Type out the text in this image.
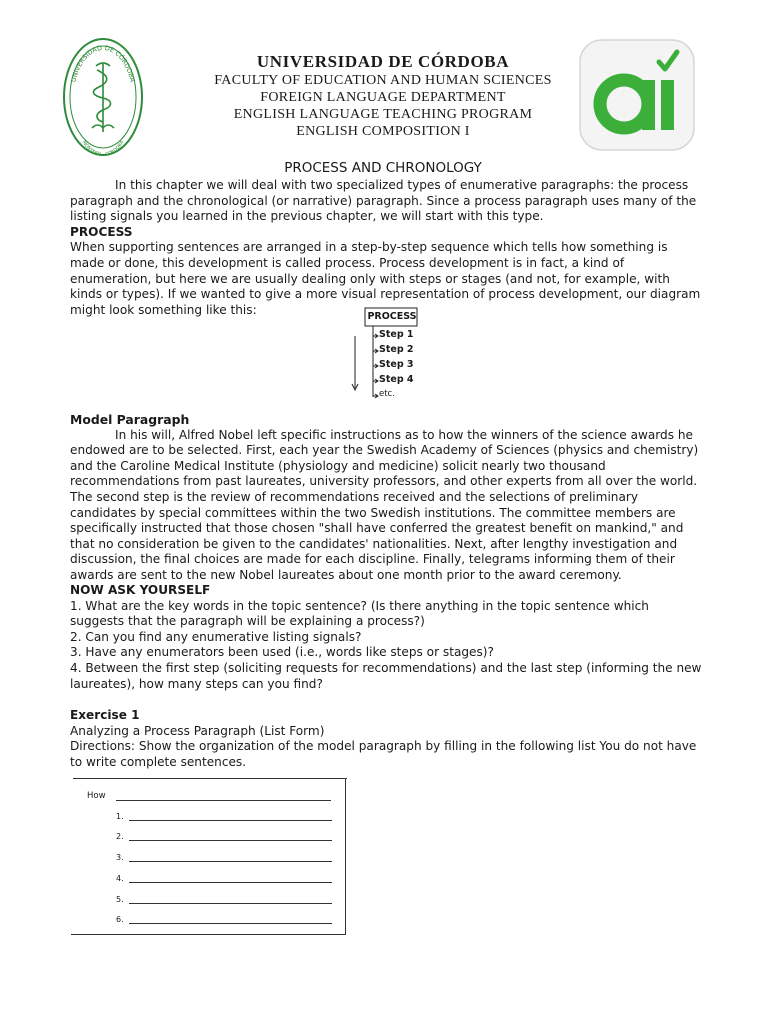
UNIVERSIDAD DE CÓRDOBA
MONTERÍA · CÓRDOBA
UNIVERSIDAD DE CÓRDOBA
FACULTY OF EDUCATION AND HUMAN SCIENCES
FOREIGN LANGUAGE DEPARTMENT
ENGLISH LANGUAGE TEACHING PROGRAM
ENGLISH COMPOSITION I
PROCESS AND CHRONOLOGY

In this chapter we will deal with two specialized types of enumerative paragraphs: the process paragraph and the chronological (or narrative) paragraph. Since a process paragraph uses many of the listing signals you learned in the previous chapter, we will start with this type.

PROCESS

When supporting sentences are arranged in a step-by-step sequence which tells how something is made or done, this development is called process. Process development is in fact, a kind of enumeration, but here we are usually dealing only with steps or stages (and not, for example, with kinds or types). If we wanted to give a more visual representation of process development, our diagram might look something like this:	PROCESS
Step 1
Step 2
Step 3
Step 4
etc.

Model Paragraph

In his will, Alfred Nobel left specific instructions as to how the winners of the science awards he endowed are to be selected. First, each year the Swedish Academy of Sciences (physics and chemistry) and the Caroline Medical Institute (physiology and medicine) solicit nearly two thousand recommendations from past laureates, university professors, and other experts from all over the world. The second step is the review of recommendations received and the selections of preliminary candidates by special committees within the two Swedish institutions. The committee members are specifically instructed that those chosen "shall have conferred the greatest benefit on mankind," and that no consideration be given to the candidates' nationalities. Next, after lengthy investigation and discussion, the final choices are made for each discipline. Finally, telegrams informing them of their awards are sent to the new Nobel laureates about one month prior to the award ceremony.

NOW ASK YOURSELF

1. What are the key words in the topic sentence? (Is there anything in the topic sentence which suggests that the paragraph will be explaining a process?)

2. Can you find any enumerative listing signals?

3. Have any enumerators been used (i.e., words like steps or stages)?

4. Between the first step (soliciting requests for recommendations) and the last step (informing the new laureates), how many steps can you find?

Exercise 1

Analyzing a Process Paragraph (List Form)

Directions: Show the organization of the model paragraph by filling in the following list You do not have to write complete sentences.

How
1.
2.
3.
4.
5.
6.
